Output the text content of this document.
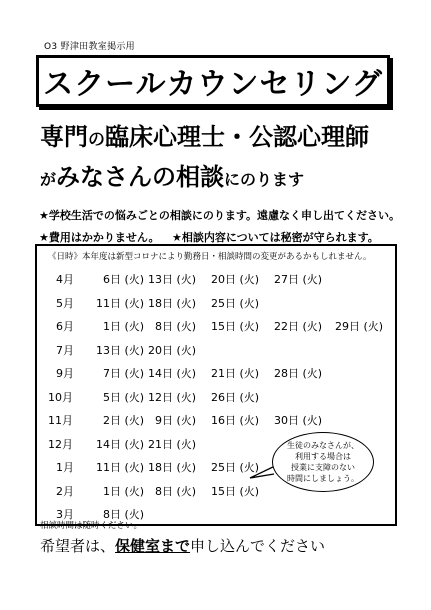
O3 野津田教室掲示用
スクールカウンセリング
専門の臨床心理士・公認心理師
がみなさんの相談にのります
★学校生活での悩みごとの相談にのります。遠慮なく申し出てください。
★費用はかかりません。 ★相談内容については秘密が守られます。
《日時》本年度は新型コロナにより勤務日・相談時間の変更があるかもしれません。
4月	6日 (火) 13日 (火) 20日 (火) 27日 (火)
5月 11日 (火) 18日 (火) 25日 (火)
6月	1日 (火) 8日 (火) 15日 (火) 22日 (火) 29日 (火)
7月 13日 (火) 20日 (火)
9月	7日 (火) 14日 (火) 21日 (火) 28日 (火)
10月	5日 (火) 12日 (火) 26日 (火)
11月	2日 (火) 9日 (火) 16日 (火) 30日 (火)
12月 14日 (火) 21日 (火)
1月 11日 (火) 18日 (火) 25日 (火)
2月	1日 (火) 8日 (火) 15日 (火)
3月	8日 (火)
生徒のみなさんが、
利用する場合は
授業に支障のない
時間にしましょう。
相談時間は随時ください。
希望者は、保健室まで申し込んでください
